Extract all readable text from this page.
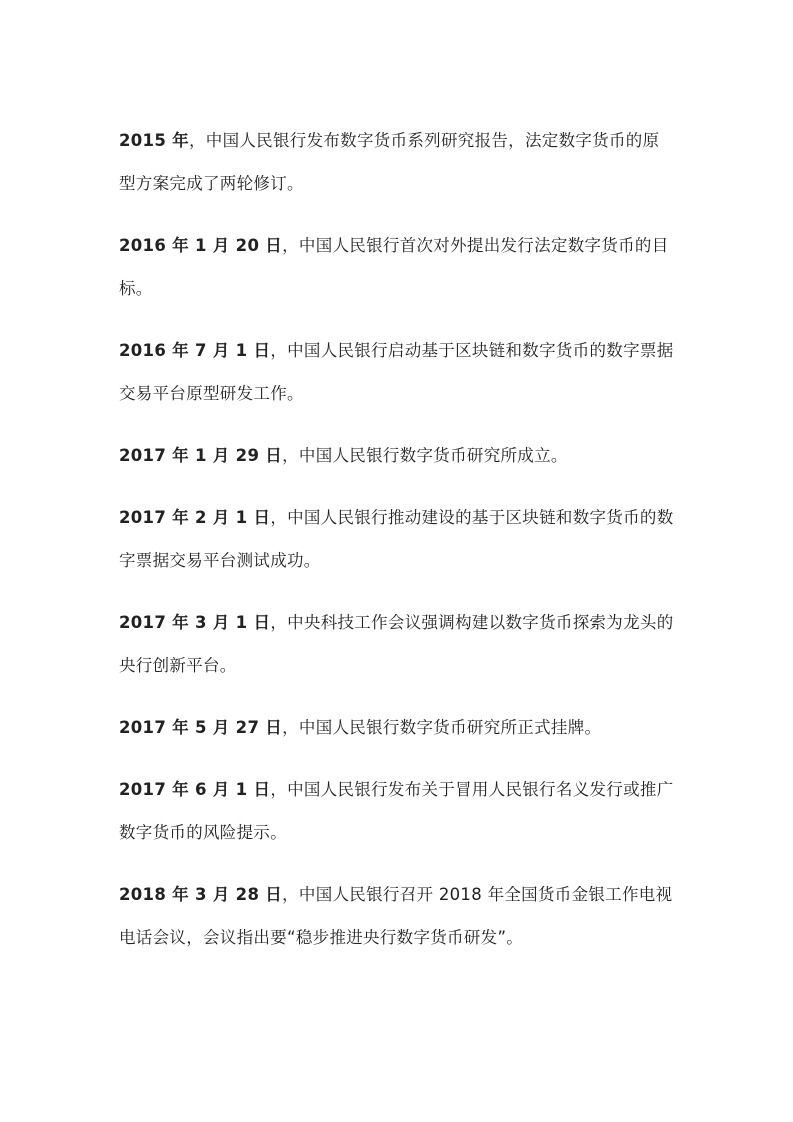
2015 年，中国人民银行发布数字货币系列研究报告，法定数字货币的原型方案完成了两轮修订。

2016 年 1 月 20 日，中国人民银行首次对外提出发行法定数字货币的目标。

2016 年 7 月 1 日，中国人民银行启动基于区块链和数字货币的数字票据交易平台原型研发工作。

2017 年 1 月 29 日，中国人民银行数字货币研究所成立。

2017 年 2 月 1 日，中国人民银行推动建设的基于区块链和数字货币的数字票据交易平台测试成功。

2017 年 3 月 1 日，中央科技工作会议强调构建以数字货币探索为龙头的央行创新平台。

2017 年 5 月 27 日，中国人民银行数字货币研究所正式挂牌。

2017 年 6 月 1 日，中国人民银行发布关于冒用人民银行名义发行或推广数字货币的风险提示。

2018 年 3 月 28 日，中国人民银行召开 2018 年全国货币金银工作电视电话会议，会议指出要“稳步推进央行数字货币研发”。
